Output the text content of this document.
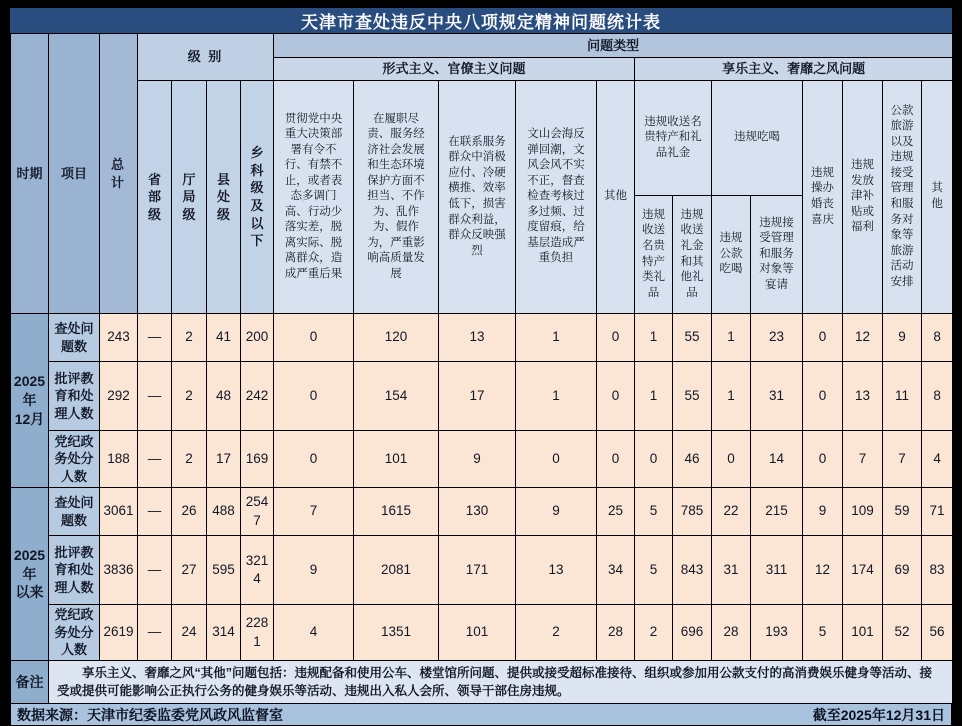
天津市查处违反中央八项规定精神问题统计表
时期	项目	总 计	级 别				问题类型												
							形式主义、官僚主义问题					享乐主义、奢靡之风问题							
			省部级	厅局级	县处级	乡科级及以下	贯彻党中央重大决策部署有令不行、有禁不止，或者表态多调门高、行动少落实差，脱离实际、脱离群众，造成严重后果	在履职尽责、服务经济社会发展和生态环境保护方面不担当、不作为、乱作为、假作为，严重影响高质量发展	在联系服务群众中消极应付、冷硬横推、效率低下，损害群众利益，群众反映强烈	文山会海反弹回潮，文风会风不实不正，督查检查考核过多过频、过度留痕，给基层造成严重负担	其他	违规收送名贵特产和礼品礼金		违规吃喝		违规操办婚丧喜庆	违规发放津补贴或福利	公款旅游以及违规接受管理和服务对象等旅游活动安排	其他
												违规收送名贵特产类礼品	违规收送礼金和其他礼品	违规公款吃喝	违规接受管理和服务对象等宴请				

2025年
12月	查处问题数	243	—	2	41	200	0	120	13	1	0	1	55	1	23	0	12	9	8
	批评教育和处理人数	292	—	2	48	242	0	154	17	1	0	1	55	1	31	0	13	11	8
	党纪政务处分人数	188	—	2	17	169	0	101	9	0	0	0	46	0	14	0	7	7	4

2025年
以来	查处问题数	3061	—	26	488	2547	7	1615	130	9	25	5	785	22	215	9	109	59	71
	批评教育和处理人数	3836	—	27	595	3214	9	2081	171	13	34	5	843	31	311	12	174	69	83
	党纪政务处分人数	2619	—	24	314	2281	4	1351	101	2	28	2	696	28	193	5	101	52	56
备注	享乐主义、奢靡之风“其他”问题包括：违规配备和使用公车、楼堂馆所问题、提供或接受超标准接待、组织或参加用公款支付的高消费娱乐健身等活动、接受或提供可能影响公正执行公务的健身娱乐等活动、违规出入私人会所、领导干部住房违规。																		
数据来源：天津市纪委监委党风政风监督室	截至2025年12月31日
